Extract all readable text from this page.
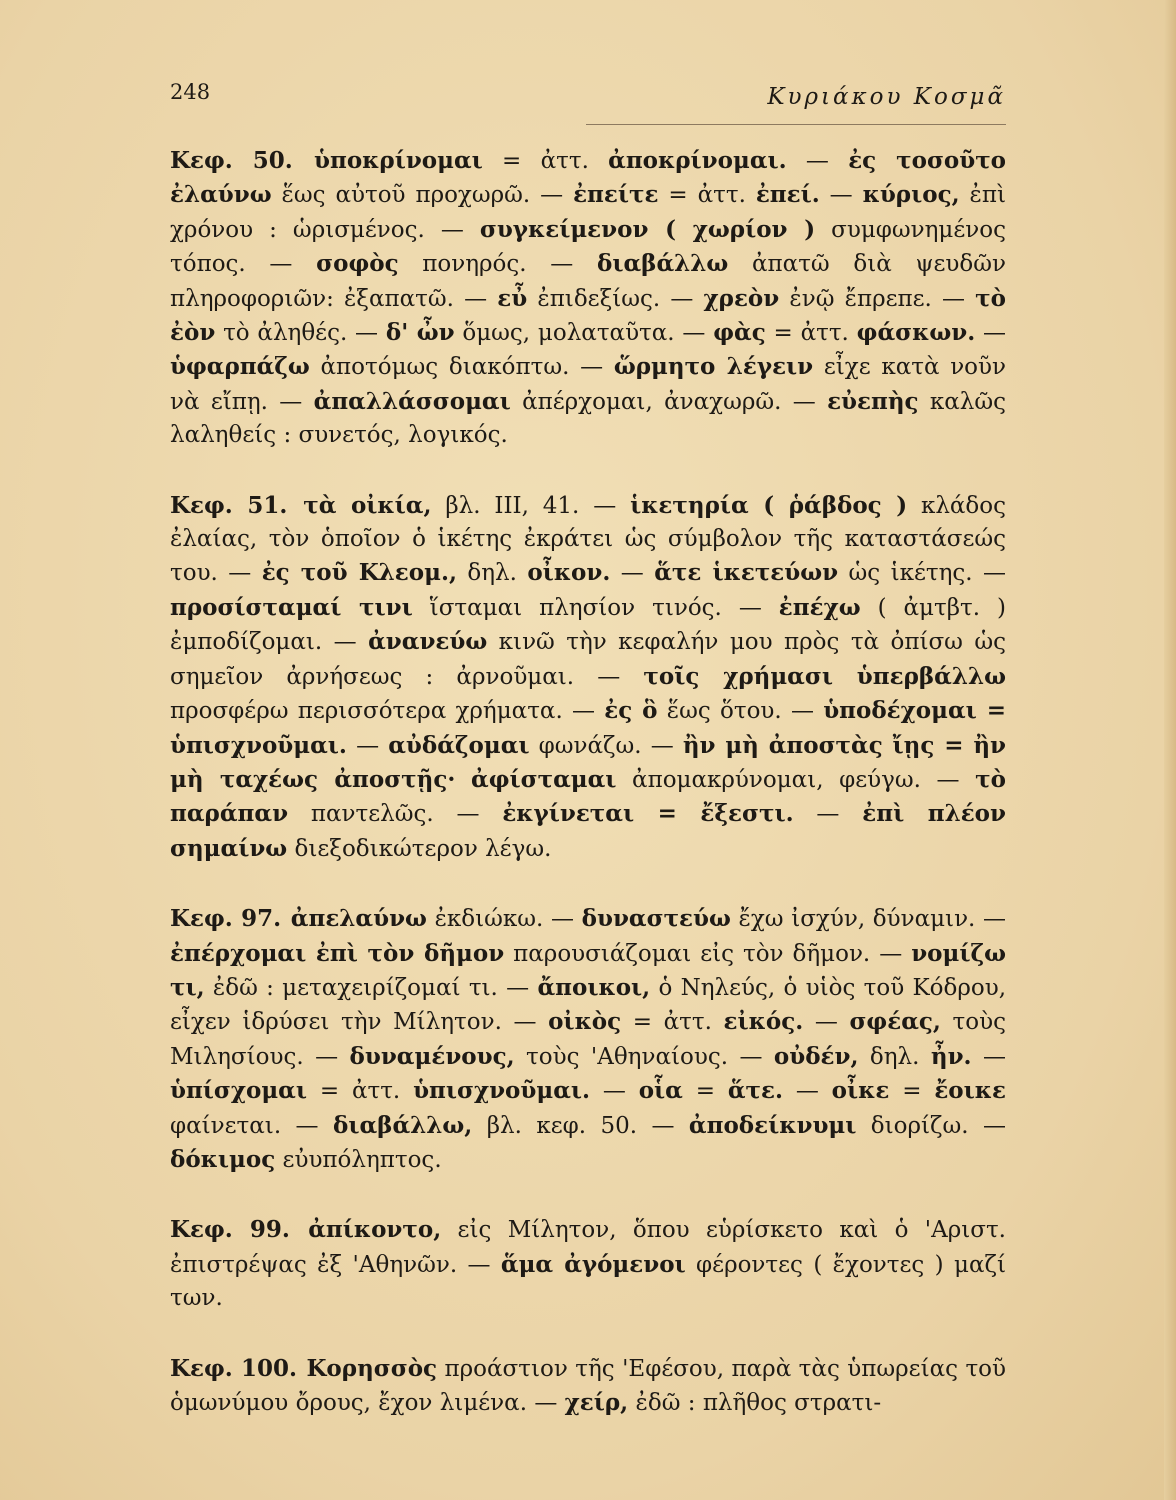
248	Κυριάκου Κοσμᾶ

Κεφ. 50. ὑποκρίνομαι = ἀττ. ἀποκρίνομαι. — ἐς τοσοῦτο ἐλαύνω ἕως αὐτοῦ προχωρῶ. — ἐπείτε = ἀττ. ἐπεί. — κύριος, ἐπὶ χρόνου : ὡρισμένος. — συγκείμενον ( χωρίον ) συμφωνημένος τόπος. — σοφὸς πονηρός. — διαβάλλω ἀπατῶ διὰ ψευδῶν πληροφοριῶν: ἐξαπατῶ. — εὖ ἐπιδεξίως. — χρεὸν ἐνῷ ἔπρεπε. — τὸ ἐὸν τὸ ἀληθές. — δ' ὦν ὅμως, μολαταῦτα. — φὰς = ἀττ. φάσκων. — ὑφαρπάζω ἀποτόμως διακόπτω. — ὥρμητο λέγειν εἶχε κατὰ νοῦν νὰ εἴπῃ. — ἀπαλλάσσομαι ἀπέρχομαι, ἀναχωρῶ. — εὐεπὴς καλῶς λαληθείς : συνετός, λογικός.

Κεφ. 51. τὰ οἰκία, βλ. III, 41. — ἱκετηρία ( ῥάβδος ) κλάδος ἐλαίας, τὸν ὁποῖον ὁ ἱκέτης ἐκράτει ὡς σύμβολον τῆς καταστάσεώς του. — ἐς τοῦ Κλεομ., δηλ. οἶκον. — ἅτε ἱκετεύων ὡς ἱκέτης. — προσίσταμαί τινι ἵσταμαι πλησίον τινός. — ἐπέχω ( ἀμτβτ. ) ἐμποδίζομαι. — ἀνανεύω κινῶ τὴν κεφαλήν μου πρὸς τὰ ὀπίσω ὡς σημεῖον ἀρνήσεως : ἀρνοῦμαι. — τοῖς χρήμασι ὑπερβάλλω προσφέρω περισσότερα χρήματα. — ἐς ὃ ἕως ὅτου. — ὑποδέχομαι = ὑπισχνοῦμαι. — αὐδάζομαι φωνάζω. — ἢν μὴ ἀποστὰς ἴῃς = ἢν μὴ ταχέως ἀποστῇς· ἀφίσταμαι ἀπομακρύνομαι, φεύγω. — τὸ παράπαν παντελῶς. — ἐκγίνεται = ἔξεστι. — ἐπὶ πλέον σημαίνω διεξοδικώτερον λέγω.

Κεφ. 97. ἀπελαύνω ἐκδιώκω. — δυναστεύω ἔχω ἰσχύν, δύναμιν. — ἐπέρχομαι ἐπὶ τὸν δῆμον παρουσιάζομαι εἰς τὸν δῆμον. — νομίζω τι, ἐδῶ : μεταχειρίζομαί τι. — ἄποικοι, ὁ Νηλεύς, ὁ υἱὸς τοῦ Κόδρου, εἶχεν ἱδρύσει τὴν Μίλητον. — οἰκὸς = ἀττ. εἰκός. — σφέας, τοὺς Μιλησίους. — δυναμένους, τοὺς 'Αθηναίους. — οὐδέν, δηλ. ἦν. — ὑπίσχομαι = ἀττ. ὑπισχνοῦμαι. — οἷα = ἅτε. — οἶκε = ἔοικε φαίνεται. — διαβάλλω, βλ. κεφ. 50. — ἀποδείκνυμι διορίζω. — δόκιμος εὐυπόληπτος.

Κεφ. 99. ἀπίκοντο, εἰς Μίλητον, ὅπου εὑρίσκετο καὶ ὁ 'Αριστ. ἐπιστρέψας ἐξ 'Αθηνῶν. — ἅμα ἀγόμενοι φέροντες ( ἔχοντες ) μαζί των.

Κεφ. 100. Κορησσὸς προάστιον τῆς 'Εφέσου, παρὰ τὰς ὑπωρείας τοῦ ὁμωνύμου ὄρους, ἔχον λιμένα. — χείρ, ἐδῶ : πλῆθος στρατι-
